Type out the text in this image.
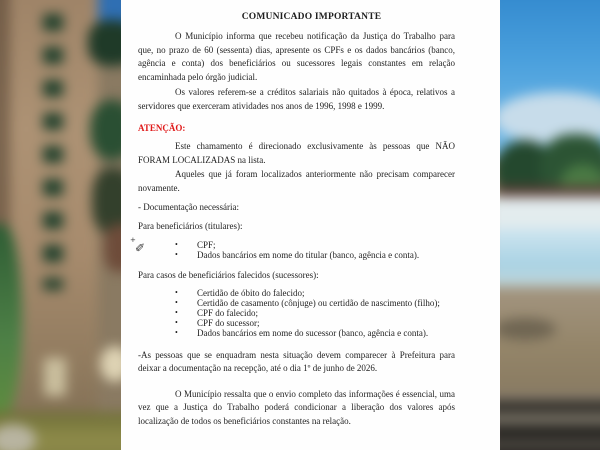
+
✐
COMUNICADO IMPORTANTE

O Município informa que recebeu notificação da Justiça do Trabalho para que, no prazo de 60 (sessenta) dias, apresente os CPFs e os dados bancários (banco, agência e conta) dos beneficiários ou sucessores legais constantes em relação encaminhada pelo órgão judicial.

Os valores referem-se a créditos salariais não quitados à época, relativos a servidores que exerceram atividades nos anos de 1996, 1998 e 1999.

ATENÇÃO:

Este chamamento é direcionado exclusivamente às pessoas que NÃO FORAM LOCALIZADAS na lista.

Aqueles que já foram localizados anteriormente não precisam comparecer novamente.

- Documentação necessária:

Para beneficiários (titulares):

•	CPF;
•	Dados bancários em nome do titular (banco, agência e conta).

Para casos de beneficiários falecidos (sucessores):

•	Certidão de óbito do falecido;
•	Certidão de casamento (cônjuge) ou certidão de nascimento (filho);
•	CPF do falecido;
•	CPF do sucessor;
•	Dados bancários em nome do sucessor (banco, agência e conta).

-As pessoas que se enquadram nesta situação devem comparecer à Prefeitura para deixar a documentação na recepção, até o dia 1º de junho de 2026.

O Município ressalta que o envio completo das informações é essencial, uma vez que a Justiça do Trabalho poderá condicionar a liberação dos valores após localização de todos os beneficiários constantes na relação.
